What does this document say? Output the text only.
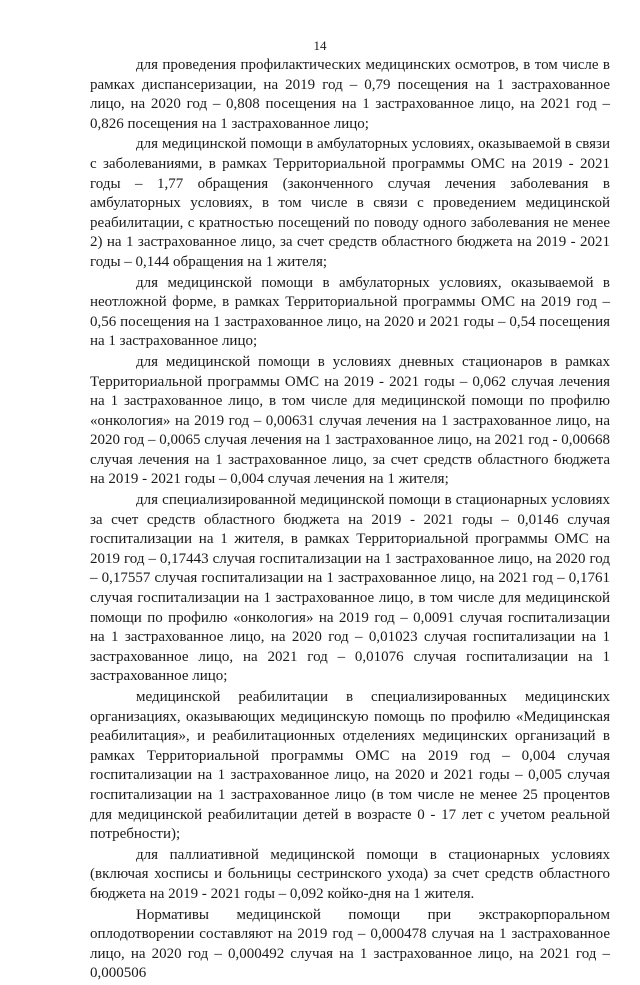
14

для проведения профилактических медицинских осмотров, в том числе в рамках диспансеризации, на 2019 год – 0,79 посещения на 1 застрахованное лицо, на 2020 год – 0,808 посещения на 1 застрахованное лицо, на 2021 год – 0,826 посещения на 1 застрахованное лицо;

для медицинской помощи в амбулаторных условиях, оказываемой в связи с заболеваниями, в рамках Территориальной программы ОМС на 2019 - 2021 годы – 1,77 обращения (законченного случая лечения заболевания в амбулаторных условиях, в том числе в связи с проведением медицинской реабилитации, с кратностью посещений по поводу одного заболевания не менее 2) на 1 застрахованное лицо, за счет средств областного бюджета на 2019 - 2021 годы – 0,144 обращения на 1 жителя;

для медицинской помощи в амбулаторных условиях, оказываемой в неотложной форме, в рамках Территориальной программы ОМС на 2019 год – 0,56 посещения на 1 застрахованное лицо, на 2020 и 2021 годы – 0,54 посещения на 1 застрахованное лицо;

для медицинской помощи в условиях дневных стационаров в рамках Территориальной программы ОМС на 2019 - 2021 годы – 0,062 случая лечения на 1 застрахованное лицо, в том числе для медицинской помощи по профилю «онкология» на 2019 год – 0,00631 случая лечения на 1 застрахованное лицо, на 2020 год – 0,0065 случая лечения на 1 застрахованное лицо, на 2021 год - 0,00668 случая лечения на 1 застрахованное лицо, за счет средств областного бюджета на 2019 - 2021 годы – 0,004 случая лечения на 1 жителя;

для специализированной медицинской помощи в стационарных условиях за счет средств областного бюджета на 2019 - 2021 годы – 0,0146 случая госпитализации на 1 жителя, в рамках Территориальной программы ОМС на 2019 год – 0,17443 случая госпитализации на 1 застрахованное лицо, на 2020 год – 0,17557 случая госпитализации на 1 застрахованное лицо, на 2021 год – 0,1761 случая госпитализации на 1 застрахованное лицо, в том числе для медицинской помощи по профилю «онкология» на 2019 год – 0,0091 случая госпитализации на 1 застрахованное лицо, на 2020 год – 0,01023 случая госпитализации на 1 застрахованное лицо, на 2021 год – 0,01076 случая госпитализации на 1 застрахованное лицо;

медицинской реабилитации в специализированных медицинских организациях, оказывающих медицинскую помощь по профилю «Медицинская реабилитация», и реабилитационных отделениях медицинских организаций в рамках Территориальной программы ОМС на 2019 год – 0,004 случая госпитализации на 1 застрахованное лицо, на 2020 и 2021 годы – 0,005 случая госпитализации на 1 застрахованное лицо (в том числе не менее 25 процентов для медицинской реабилитации детей в возрасте 0 - 17 лет с учетом реальной потребности);

для паллиативной медицинской помощи в стационарных условиях (включая хосписы и больницы сестринского ухода) за счет средств областного бюджета на 2019 - 2021 годы – 0,092 койко-дня на 1 жителя.

Нормативы медицинской помощи при экстракорпоральном оплодотворении составляют на 2019 год – 0,000478 случая на 1 застрахованное лицо, на 2020 год – 0,000492 случая на 1 застрахованное лицо, на 2021 год – 0,000506
